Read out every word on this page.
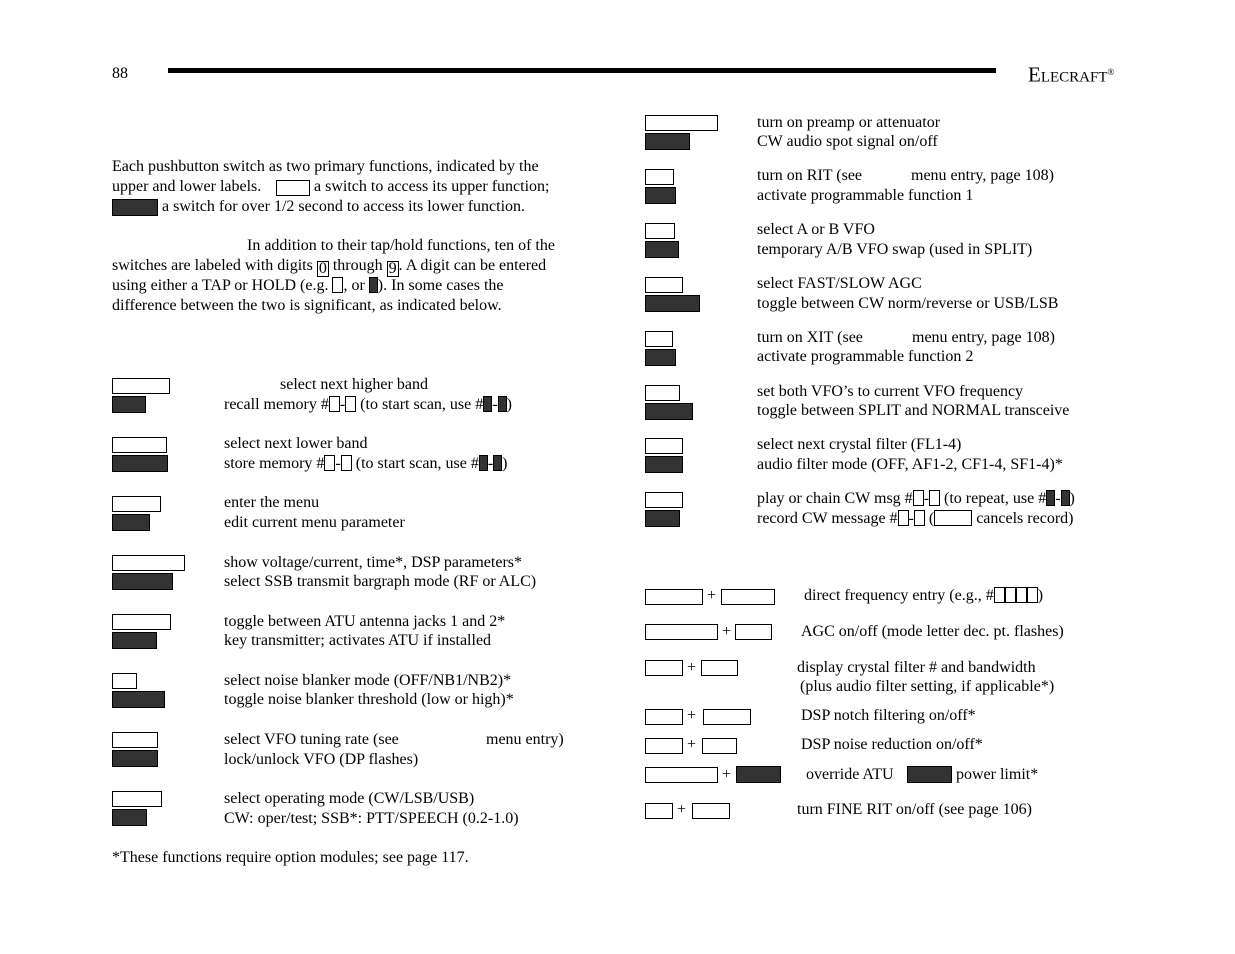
88	ELECRAFT®
Each pushbutton switch as two primary functions, indicated by the
upper and lower labels.	a switch to access its upper function;
a switch for over 1/2 second to access its lower function.
In addition to their tap/hold functions, ten of the
switches are labeled with digits 0 through 9 . A digit can be entered
using either a TAP or HOLD (e.g. , or ). In some cases the
difference between the two is significant, as indicated below.
select next higher band
recall memory # - (to start scan, use # - )
select next lower band
store memory # - (to start scan, use # - )
enter the menu
edit current menu parameter
show voltage/current, time*, DSP parameters*
select SSB transmit bargraph mode (RF or ALC)
toggle between ATU antenna jacks 1 and 2*
key transmitter; activates ATU if installed
select noise blanker mode (OFF/NB1/NB2)*
toggle noise blanker threshold (low or high)*
select VFO tuning rate (see	menu entry)
lock/unlock VFO (DP flashes)
select operating mode (CW/LSB/USB)
CW: oper/test; SSB*: PTT/SPEECH (0.2-1.0)
*These functions require option modules; see page 117.
turn on preamp or attenuator
CW audio spot signal on/off
turn on RIT (see	menu entry, page 108)
activate programmable function 1
select A or B VFO
temporary A/B VFO swap (used in SPLIT)
select FAST/SLOW AGC
toggle between CW norm/reverse or USB/LSB
turn on XIT (see	menu entry, page 108)
activate programmable function 2
set both VFO’s to current VFO frequency
toggle between SPLIT and NORMAL transceive
select next crystal filter (FL1-4)
audio filter mode (OFF, AF1-2, CF1-4, SF1-4)*
play or chain CW msg # - (to repeat, use # - )
record CW message # - (	cancels record)
+	direct frequency entry (e.g., #	)
+	AGC on/off (mode letter dec. pt. flashes)
+	display crystal filter # and bandwidth
(plus audio filter setting, if applicable*)
+	DSP notch filtering on/off*
+	DSP noise reduction on/off*
+	override ATU	power limit*
+	turn FINE RIT on/off (see page 106)
